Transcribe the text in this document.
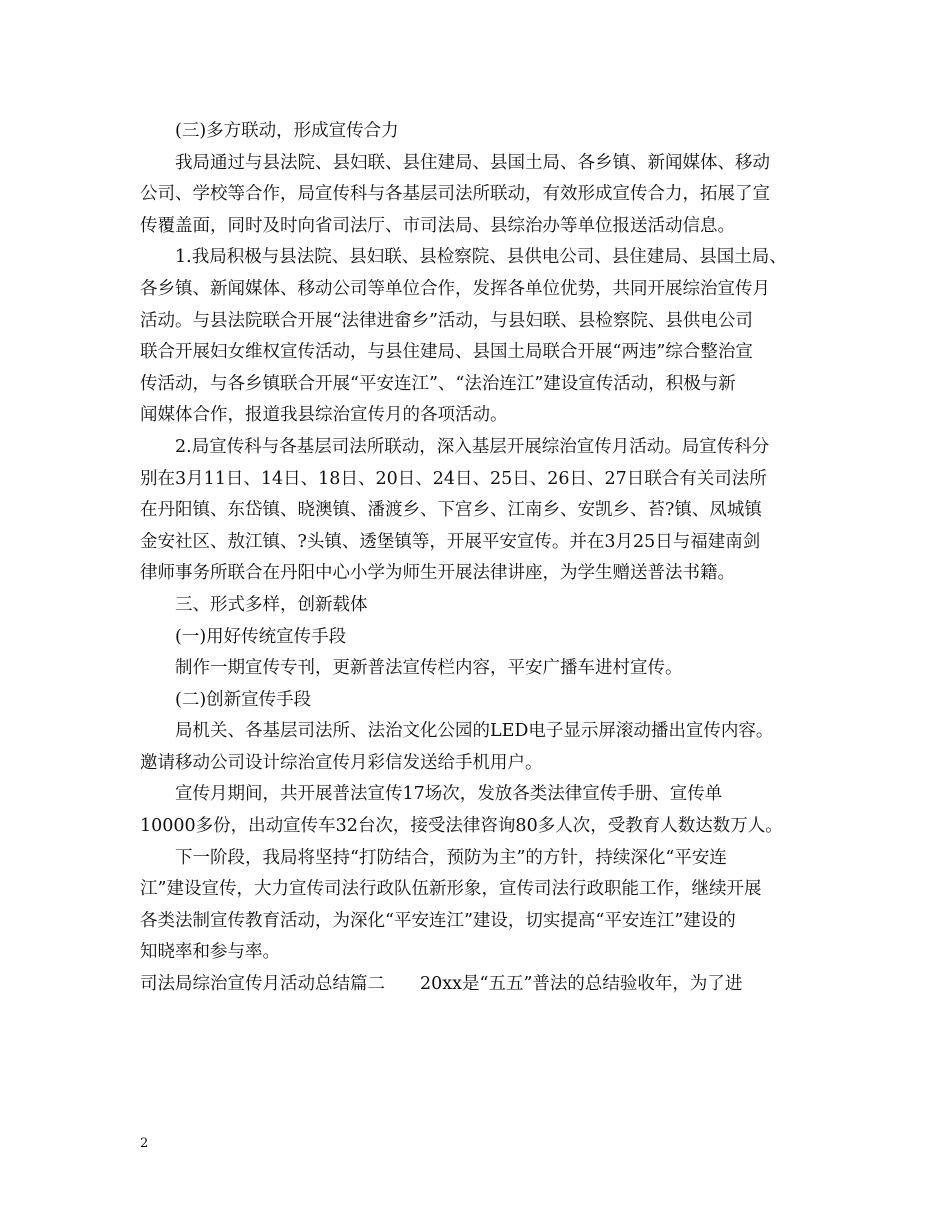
(三)多方联动，形成宣传合力

我局通过与县法院、县妇联、县住建局、县国土局、各乡镇、新闻媒体、移动

公司、学校等合作，局宣传科与各基层司法所联动，有效形成宣传合力，拓展了宣

传覆盖面，同时及时向省司法厅、市司法局、县综治办等单位报送活动信息。

1.我局积极与县法院、县妇联、县检察院、县供电公司、县住建局、县国土局、

各乡镇、新闻媒体、移动公司等单位合作，发挥各单位优势，共同开展综治宣传月

活动。与县法院联合开展“法律进畲乡”活动，与县妇联、县检察院、县供电公司

联合开展妇女维权宣传活动，与县住建局、县国土局联合开展“两违”综合整治宣

传活动，与各乡镇联合开展“平安连江”、“法治连江”建设宣传活动，积极与新

闻媒体合作，报道我县综治宣传月的各项活动。

2.局宣传科与各基层司法所联动，深入基层开展综治宣传月活动。局宣传科分

别在3月11日、14日、18日、20日、24日、25日、26日、27日联合有关司法所

在丹阳镇、东岱镇、晓澳镇、潘渡乡、下宫乡、江南乡、安凯乡、苔?镇、凤城镇

金安社区、敖江镇、?头镇、透堡镇等，开展平安宣传。并在3月25日与福建南剑

律师事务所联合在丹阳中心小学为师生开展法律讲座，为学生赠送普法书籍。

三、形式多样，创新载体

(一)用好传统宣传手段

制作一期宣传专刊，更新普法宣传栏内容，平安广播车进村宣传。

(二)创新宣传手段

局机关、各基层司法所、法治文化公园的LED电子显示屏滚动播出宣传内容。

邀请移动公司设计综治宣传月彩信发送给手机用户。

宣传月期间，共开展普法宣传17场次，发放各类法律宣传手册、宣传单

10000多份，出动宣传车32台次，接受法律咨询80多人次，受教育人数达数万人。

下一阶段，我局将坚持“打防结合，预防为主”的方针，持续深化“平安连

江”建设宣传，大力宣传司法行政队伍新形象，宣传司法行政职能工作，继续开展

各类法制宣传教育活动，为深化“平安连江”建设，切实提高“平安连江”建设的

知晓率和参与率。

司法局综治宣传月活动总结篇二　　20xx是“五五”普法的总结验收年，为了进

2
